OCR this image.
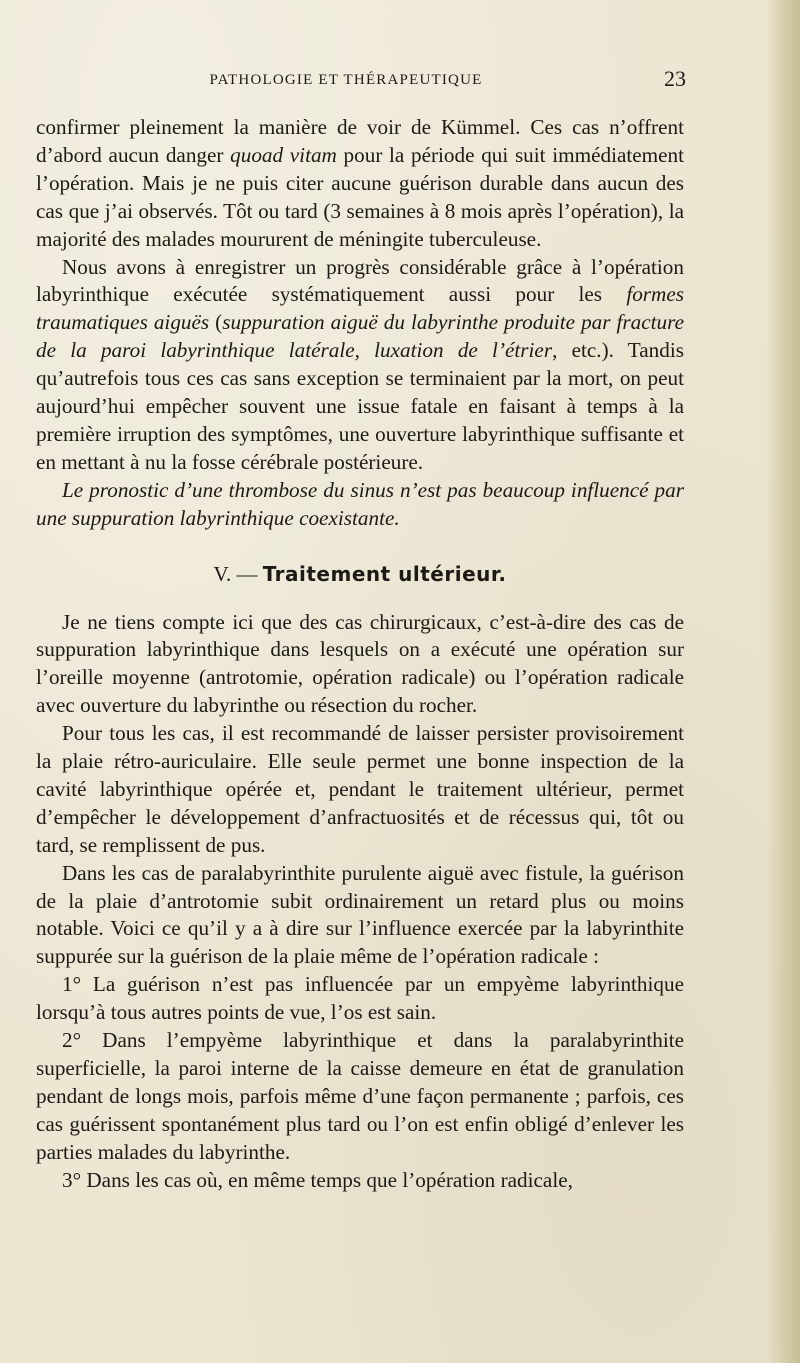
PATHOLOGIE ET THÉRAPEUTIQUE	23

confirmer pleinement la manière de voir de Kümmel. Ces cas n’offrent d’abord aucun danger quoad vitam pour la période qui suit immédiatement l’opération. Mais je ne puis citer aucune guérison durable dans aucun des cas que j’ai observés. Tôt ou tard (3 semaines à 8 mois après l’opération), la majorité des malades moururent de méningite tuberculeuse.

Nous avons à enregistrer un progrès considérable grâce à l’opération labyrinthique exécutée systématiquement aussi pour les formes traumatiques aiguës (suppuration aiguë du labyrinthe produite par fracture de la paroi labyrinthique latérale, luxation de l’étrier, etc.). Tandis qu’autrefois tous ces cas sans exception se terminaient par la mort, on peut aujourd’hui empêcher souvent une issue fatale en faisant à temps à la première irruption des symptômes, une ouverture labyrinthique suffisante et en mettant à nu la fosse cérébrale postérieure.

Le pronostic d’une thrombose du sinus n’est pas beaucoup influencé par une suppuration labyrinthique coexistante.

V. — Traitement ultérieur.

Je ne tiens compte ici que des cas chirurgicaux, c’est-à-dire des cas de suppuration labyrinthique dans lesquels on a exécuté une opération sur l’oreille moyenne (antrotomie, opération radicale) ou l’opération radicale avec ouverture du labyrinthe ou résection du rocher.

Pour tous les cas, il est recommandé de laisser persister provisoirement la plaie rétro-auriculaire. Elle seule permet une bonne inspection de la cavité labyrinthique opérée et, pendant le traitement ultérieur, permet d’empêcher le développement d’anfractuosités et de récessus qui, tôt ou tard, se remplissent de pus.

Dans les cas de paralabyrinthite purulente aiguë avec fistule, la guérison de la plaie d’antrotomie subit ordinairement un retard plus ou moins notable. Voici ce qu’il y a à dire sur l’influence exercée par la labyrinthite suppurée sur la guérison de la plaie même de l’opération radicale :

1° La guérison n’est pas influencée par un empyème labyrinthique lorsqu’à tous autres points de vue, l’os est sain.

2° Dans l’empyème labyrinthique et dans la paralabyrinthite superficielle, la paroi interne de la caisse demeure en état de granulation pendant de longs mois, parfois même d’une façon permanente ; parfois, ces cas guérissent spontanément plus tard ou l’on est enfin obligé d’enlever les parties malades du labyrinthe.

3° Dans les cas où, en même temps que l’opération radicale,
